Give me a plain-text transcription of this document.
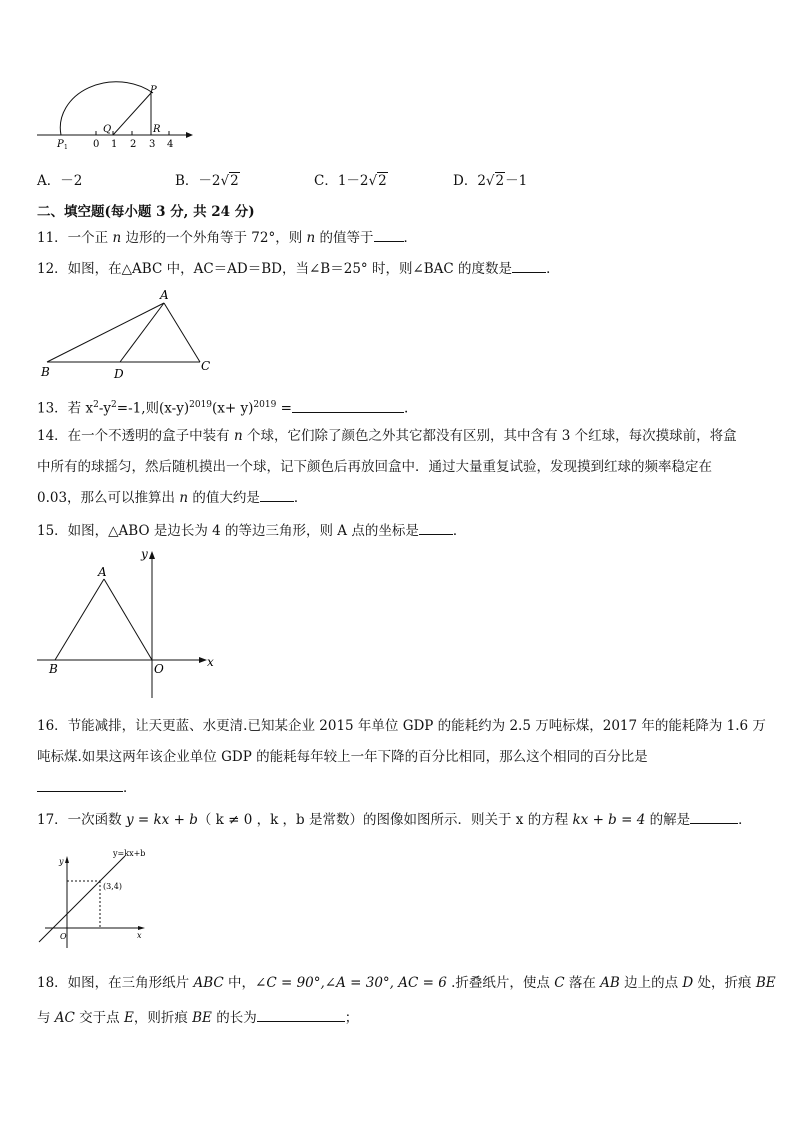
P
Q	R
P 1	0 1 2 3 4
A．－2	B．－2√2	C．1－2√2	D．2√2－1
二、填空题(每小题 3 分, 共 24 分)
11．一个正 n 边形的一个外角等于 72°，则 n 的值等于 ．
12．如图，在△ABC 中，AC＝AD＝BD，当∠B＝25° 时，则∠BAC 的度数是	．
A
B	C
D
13．若 $x^2-y^2=-1$,则$(x-y)^{2019}(x+ y)^{2019}$ =	.
14．在一个不透明的盒子中装有 n 个球，它们除了颜色之外其它都没有区别，其中含有 3 个红球，每次摸球前，将盒
中所有的球摇匀，然后随机摸出一个球，记下颜色后再放回盒中．通过大量重复试验，发现摸到红球的频率稳定在
0.03，那么可以推算出 n 的值大约是	．
15．如图，△ABO 是边长为 4 的等边三角形，则 A 点的坐标是	．
A
B	O	x
y
16．节能减排，让天更蓝、水更清.已知某企业 2015 年单位 GDP 的能耗约为 2.5 万吨标煤，2017 年的能耗降为 1.6 万
吨标煤.如果这两年该企业单位 GDP 的能耗每年较上一年下降的百分比相同，那么这个相同的百分比是
．
17．一次函数 y = kx + b（ k ≠ 0 ，k ，b 是常数）的图像如图所示．则关于 x 的方程 kx + b = 4 的解是	．
y=kx+b
(3,4)
O	x
y
18．如图，在三角形纸片 ABC 中，∠C = 90°,∠A = 30°, AC = 6 .折叠纸片，使点 C 落在 AB 边上的点 D 处，折痕 BE
与 AC 交于点 E，则折痕 BE 的长为	；
